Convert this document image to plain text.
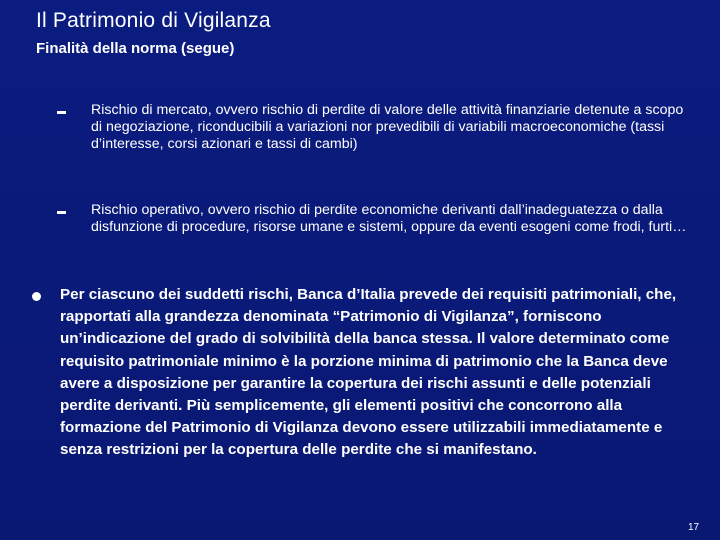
Il Patrimonio di Vigilanza
Finalità della norma (segue)
Rischio di mercato, ovvero rischio di perdite di valore delle attività finanziarie detenute a scopo di negoziazione, riconducibili a variazioni nor prevedibili di variabili macroeconomiche (tassi d’interesse, corsi azionari e tassi di cambi)
Rischio operativo, ovvero rischio di perdite economiche derivanti dall’inadeguatezza o dalla disfunzione di procedure, risorse umane e sistemi, oppure da eventi esogeni come frodi, furti…
Per ciascuno dei suddetti rischi, Banca d’Italia prevede dei requisiti patrimoniali, che, rapportati alla grandezza denominata “Patrimonio di Vigilanza”, forniscono un’indicazione del grado di solvibilità della banca stessa. Il valore determinato come requisito patrimoniale minimo è la porzione minima di patrimonio che la Banca deve avere a disposizione per garantire la copertura dei rischi assunti e delle potenziali perdite derivanti. Più semplicemente, gli elementi positivi che concorrono alla formazione del Patrimonio di Vigilanza devono essere utilizzabili immediatamente e senza restrizioni per la copertura delle perdite che si manifestano.
17
